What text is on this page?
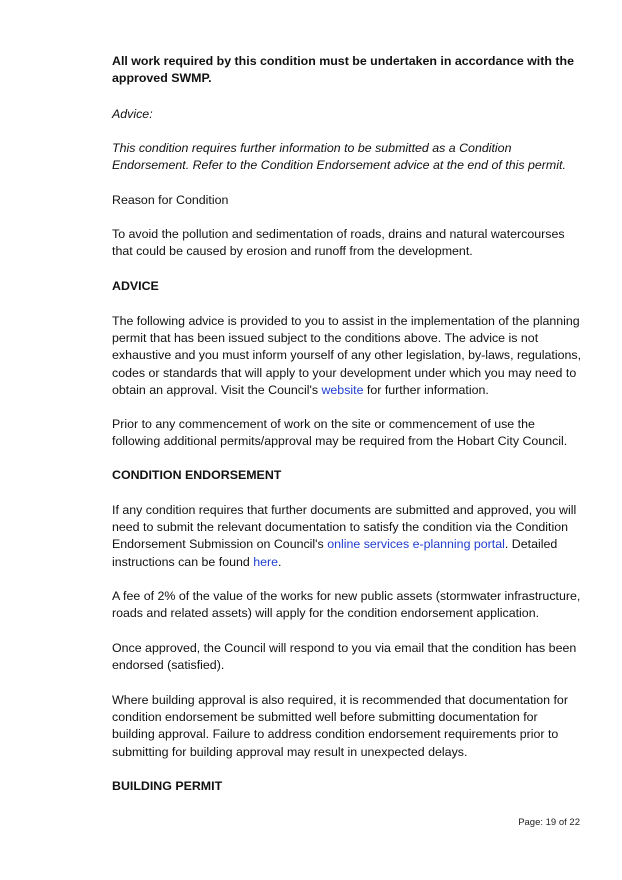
All work required by this condition must be undertaken in accordance with the approved SWMP.

Advice:

This condition requires further information to be submitted as a Condition Endorsement. Refer to the Condition Endorsement advice at the end of this permit.

Reason for Condition

To avoid the pollution and sedimentation of roads, drains and natural watercourses that could be caused by erosion and runoff from the development.

ADVICE

The following advice is provided to you to assist in the implementation of the planning permit that has been issued subject to the conditions above. The advice is not exhaustive and you must inform yourself of any other legislation, by-laws, regulations, codes or standards that will apply to your development under which you may need to obtain an approval. Visit the Council's website for further information.

Prior to any commencement of work on the site or commencement of use the following additional permits/approval may be required from the Hobart City Council.

CONDITION ENDORSEMENT

If any condition requires that further documents are submitted and approved, you will need to submit the relevant documentation to satisfy the condition via the Condition Endorsement Submission on Council's online services e-planning portal. Detailed instructions can be found here.

A fee of 2% of the value of the works for new public assets (stormwater infrastructure, roads and related assets) will apply for the condition endorsement application.

Once approved, the Council will respond to you via email that the condition has been endorsed (satisfied).

Where building approval is also required, it is recommended that documentation for condition endorsement be submitted well before submitting documentation for building approval. Failure to address condition endorsement requirements prior to submitting for building approval may result in unexpected delays.

BUILDING PERMIT

Page: 19 of 22
